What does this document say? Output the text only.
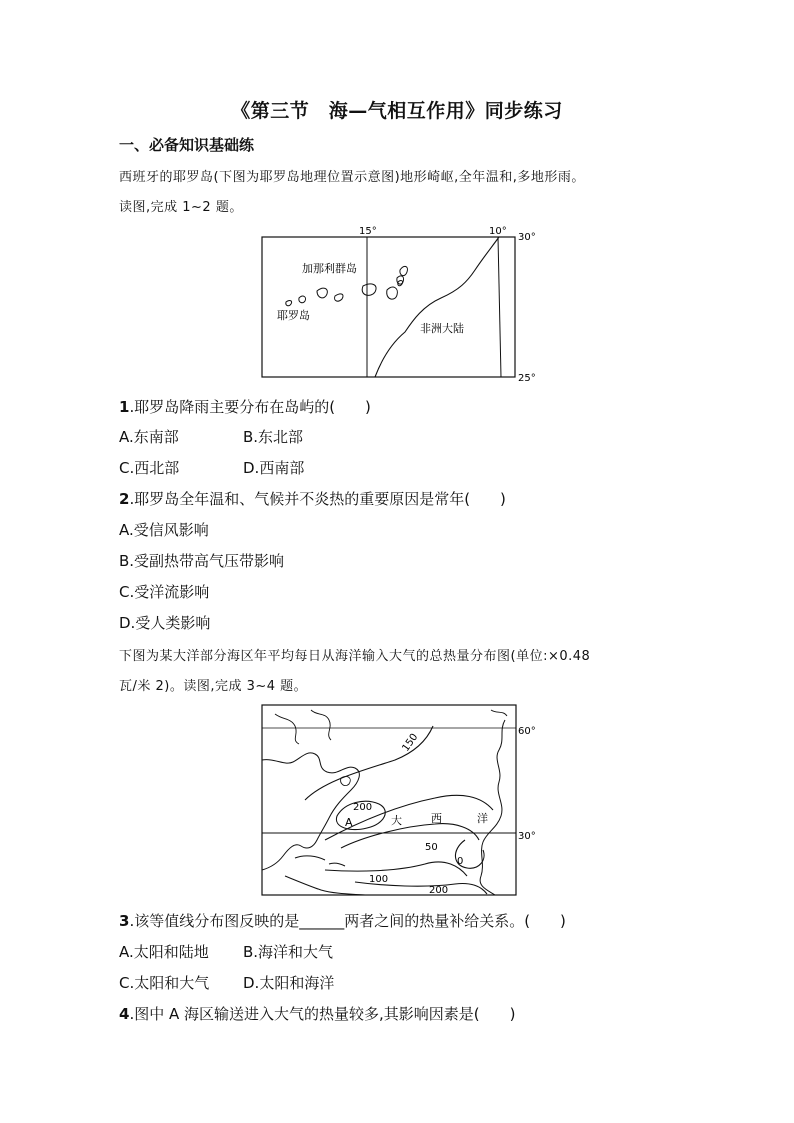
《第三节　海—气相互作用》同步练习
一、必备知识基础练
西班牙的耶罗岛(下图为耶罗岛地理位置示意图)地形崎岖,全年温和,多地形雨。
读图,完成 1~2 题。
15°	10°
30°
25°
加那利群岛
耶罗岛
非洲大陆
1.耶罗岛降雨主要分布在岛屿的(　　)
A.东南部	B.东北部
C.西北部	D.西南部
2.耶罗岛全年温和、气候并不炎热的重要原因是常年(　　)
A.受信风影响
B.受副热带高气压带影响
C.受洋流影响
D.受人类影响
下图为某大洋部分海区年平均每日从海洋输入大气的总热量分布图(单位:×0.48
瓦/米 2)。读图,完成 3~4 题。
60°
30°
150
200
A	大	西	洋
50
0
100
200
3.该等值线分布图反映的是______两者之间的热量补给关系。(　　)
A.太阳和陆地 B.海洋和大气
C.太阳和大气 D.太阳和海洋
4.图中 A 海区输送进入大气的热量较多,其影响因素是(　　)
